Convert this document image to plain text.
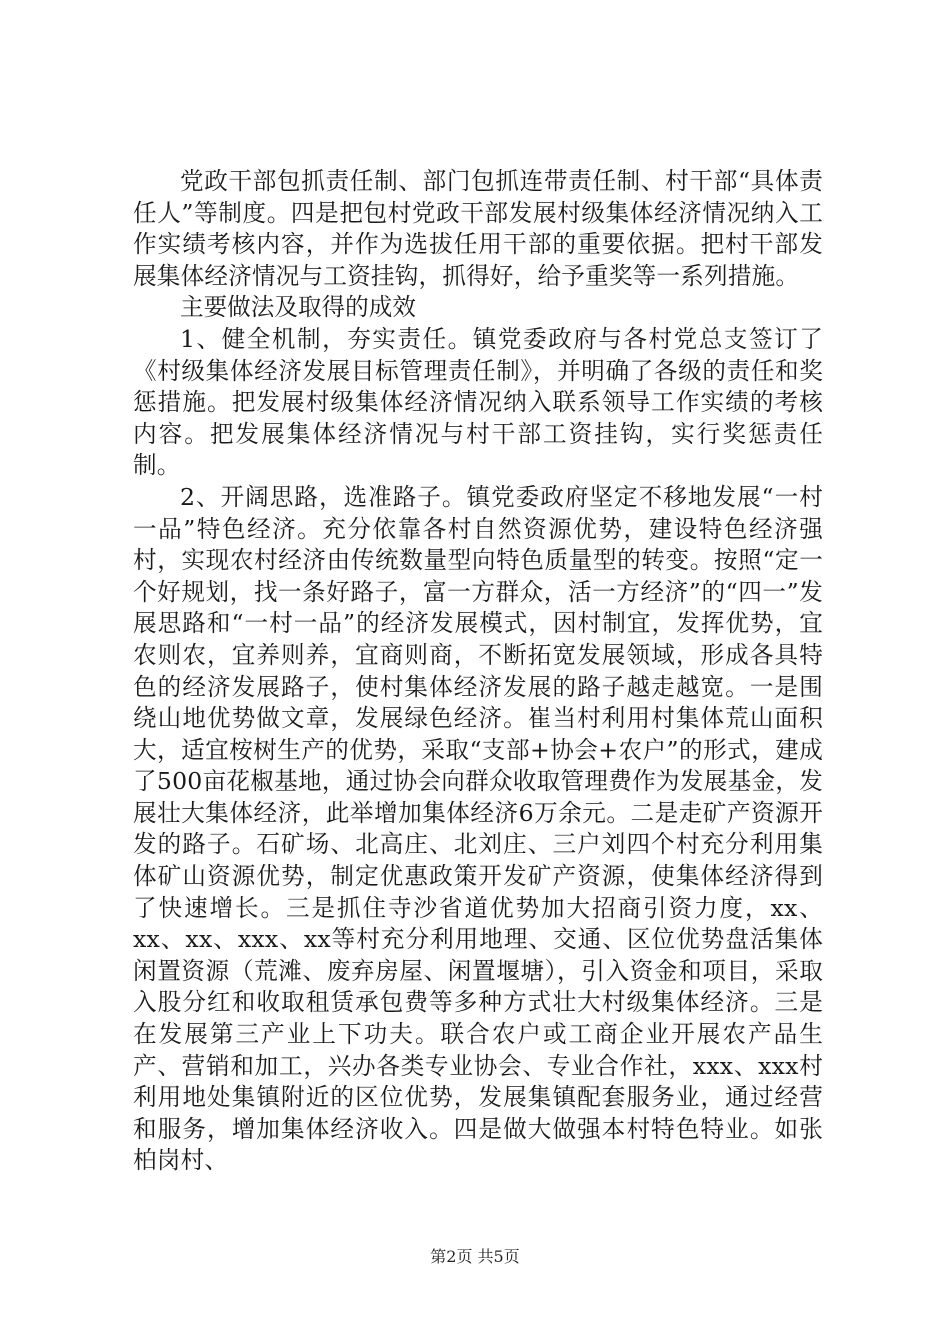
党政干部包抓责任制、部门包抓连带责任制、村干部“具体责任人”等制度。四是把包村党政干部发展村级集体经济情况纳入工作实绩考核内容，并作为选拔任用干部的重要依据。把村干部发展集体经济情况与工资挂钩，抓得好，给予重奖等一系列措施。

主要做法及取得的成效

1、健全机制，夯实责任。镇党委政府与各村党总支签订了《村级集体经济发展目标管理责任制》，并明确了各级的责任和奖惩措施。把发展村级集体经济情况纳入联系领导工作实绩的考核内容。把发展集体经济情况与村干部工资挂钩，实行奖惩责任制。

2、开阔思路，选准路子。镇党委政府坚定不移地发展“一村一品”特色经济。充分依靠各村自然资源优势，建设特色经济强村，实现农村经济由传统数量型向特色质量型的转变。按照“定一个好规划，找一条好路子，富一方群众，活一方经济”的“四一”发展思路和“一村一品”的经济发展模式，因村制宜，发挥优势，宜农则农，宜养则养，宜商则商，不断拓宽发展领域，形成各具特色的经济发展路子，使村集体经济发展的路子越走越宽。一是围绕山地优势做文章，发展绿色经济。崔当村利用村集体荒山面积大，适宜桉树生产的优势，采取“支部+协会+农户”的形式，建成了500亩花椒基地，通过协会向群众收取管理费作为发展基金，发展壮大集体经济，此举增加集体经济6万余元。二是走矿产资源开发的路子。石矿场、北高庄、北刘庄、三户刘四个村充分利用集体矿山资源优势，制定优惠政策开发矿产资源，使集体经济得到了快速增长。三是抓住寺沙省道优势加大招商引资力度，xx、xx、xx、xxx、xx等村充分利用地理、交通、区位优势盘活集体闲置资源（荒滩、废弃房屋、闲置堰塘），引入资金和项目，采取入股分红和收取租赁承包费等多种方式壮大村级集体经济。三是在发展第三产业上下功夫。联合农户或工商企业开展农产品生产、营销和加工，兴办各类专业协会、专业合作社，xxx、xxx村利用地处集镇附近的区位优势，发展集镇配套服务业，通过经营和服务，增加集体经济收入。四是做大做强本村特色特业。如张柏岗村、

第2页 共5页
